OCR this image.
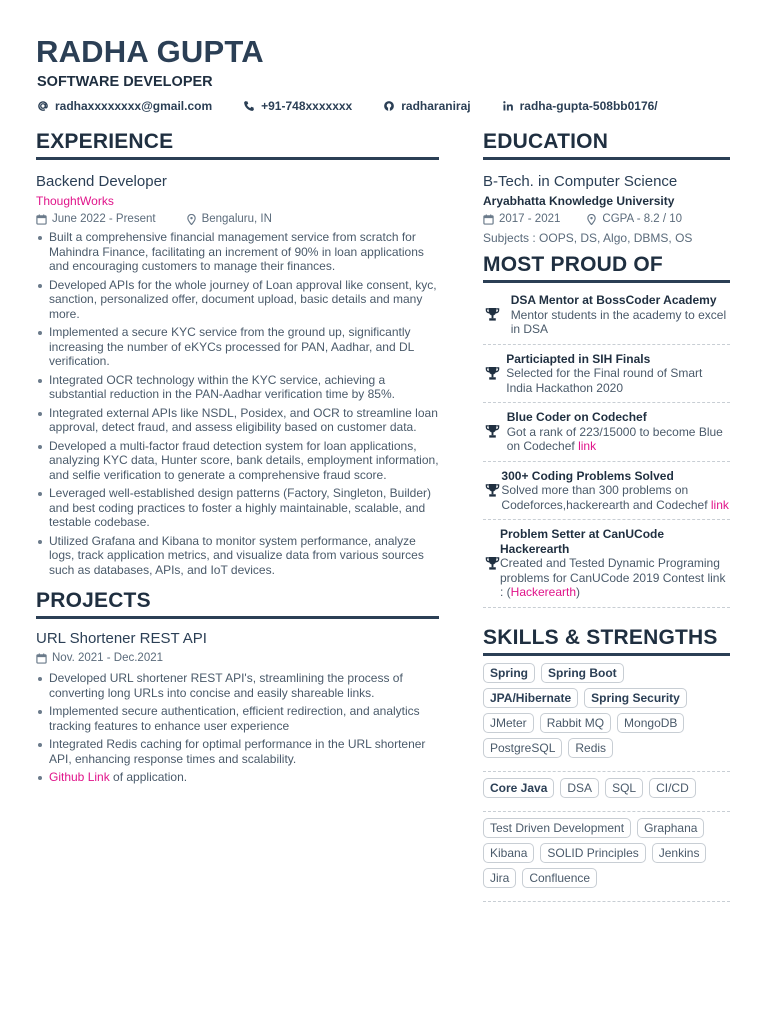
RADHA GUPTA
SOFTWARE DEVELOPER
radhaxxxxxxxx@gmail.com	+91-748xxxxxxx	radharaniraj	radha-gupta-508bb0176/
EXPERIENCE
Backend Developer
ThoughtWorks
June 2022 - Present	Bengaluru, IN
Built a comprehensive financial management service from scratch for Mahindra Finance, facilitating an increment of 90% in loan applications and encouraging customers to manage their finances.
Developed APIs for the whole journey of Loan approval like consent, kyc, sanction, personalized offer, document upload, basic details and many more.
Implemented a secure KYC service from the ground up, significantly increasing the number of eKYCs processed for PAN, Aadhar, and DL verification.
Integrated OCR technology within the KYC service, achieving a substantial reduction in the PAN-Aadhar verification time by 85%.
Integrated external APIs like NSDL, Posidex, and OCR to streamline loan approval, detect fraud, and assess eligibility based on customer data.
Developed a multi-factor fraud detection system for loan applications, analyzing KYC data, Hunter score, bank details, employment information, and selfie verification to generate a comprehensive fraud score.
Leveraged well-established design patterns (Factory, Singleton, Builder) and best coding practices to foster a highly maintainable, scalable, and testable codebase.
Utilized Grafana and Kibana to monitor system performance, analyze logs, track application metrics, and visualize data from various sources such as databases, APIs, and IoT devices.
PROJECTS
URL Shortener REST API
Nov. 2021 - Dec.2021
Developed URL shortener REST API's, streamlining the process of converting long URLs into concise and easily shareable links.
Implemented secure authentication, efficient redirection, and analytics tracking features to enhance user experience
Integrated Redis caching for optimal performance in the URL shortener API, enhancing response times and scalability.
Github Link of application.
EDUCATION
B-Tech. in Computer Science
Aryabhatta Knowledge University
2017 - 2021	CGPA - 8.2 / 10
Subjects : OOPS, DS, Algo, DBMS, OS
MOST PROUD OF
DSA Mentor at BossCoder Academy
Mentor students in the academy to excel in DSA
Particiapted in SIH Finals
Selected for the Final round of Smart India Hackathon 2020
Blue Coder on Codechef
Got a rank of 223/15000 to become Blue on Codechef link
300+ Coding Problems Solved
Solved more than 300 problems on Codeforces,hackerearth and Codechef link
Problem Setter at CanUCode Hackerearth
Created and Tested Dynamic Programing problems for CanUCode 2019 Contest link : (Hackerearth)
SKILLS & STRENGTHS
Spring	Spring Boot
JPA/Hibernate	Spring Security
JMeter	Rabbit MQ	MongoDB
PostgreSQL	Redis
Core Java	DSA	SQL	CI/CD
Test Driven Development	Graphana
Kibana	SOLID Principles	Jenkins
Jira	Confluence
